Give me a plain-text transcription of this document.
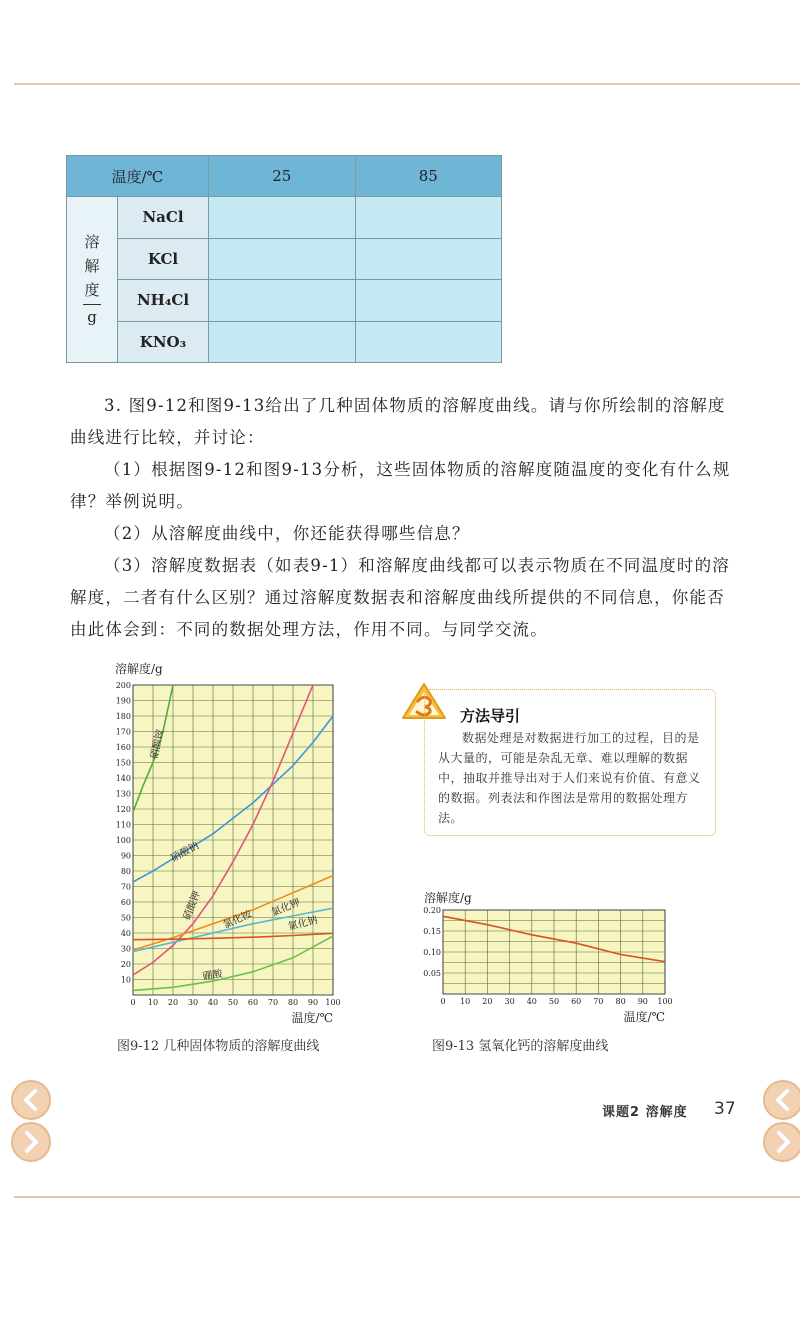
温度/℃		25	85

溶
解
度
g	NaCl		
	KCl		
	NH₄Cl		
	KNO₃		

3. 图9-12和图9-13给出了几种固体物质的溶解度曲线。请与你所绘制的溶解度曲线进行比较，并讨论：

（1）根据图9-12和图9-13分析，这些固体物质的溶解度随温度的变化有什么规律？举例说明。

（2）从溶解度曲线中，你还能获得哪些信息？

（3）溶解度数据表（如表9-1）和溶解度曲线都可以表示物质在不同温度时的溶解度，二者有什么区别？通过溶解度数据表和溶解度曲线所提供的不同信息，你能否由此体会到：不同的数据处理方法，作用不同。与同学交流。

0 10 20 30 40 50 60 70 80 90 100
10
20
30
40
50
60
70
80
90
100
110
120
130
140
150
160
170
180
190
200
溶解度/g
温度/℃
硝酸铵
硝酸钠
硝酸钾 氯化铵
氯化钾
氯化钠
硼酸
图9-12 几种固体物质的溶解度曲线
方法导引

数据处理是对数据进行加工的过程，目的是从大量的，可能是杂乱无章、难以理解的数据中，抽取并推导出对于人们来说有价值、有意义的数据。列表法和作图法是常用的数据处理方法。

0 10 20 30 40 50 60 70 80 90 100
0.05
0.10
0.15
0.20
溶解度/g
温度/℃
图9-13 氢氧化钙的溶解度曲线
课题2 溶解度 37
